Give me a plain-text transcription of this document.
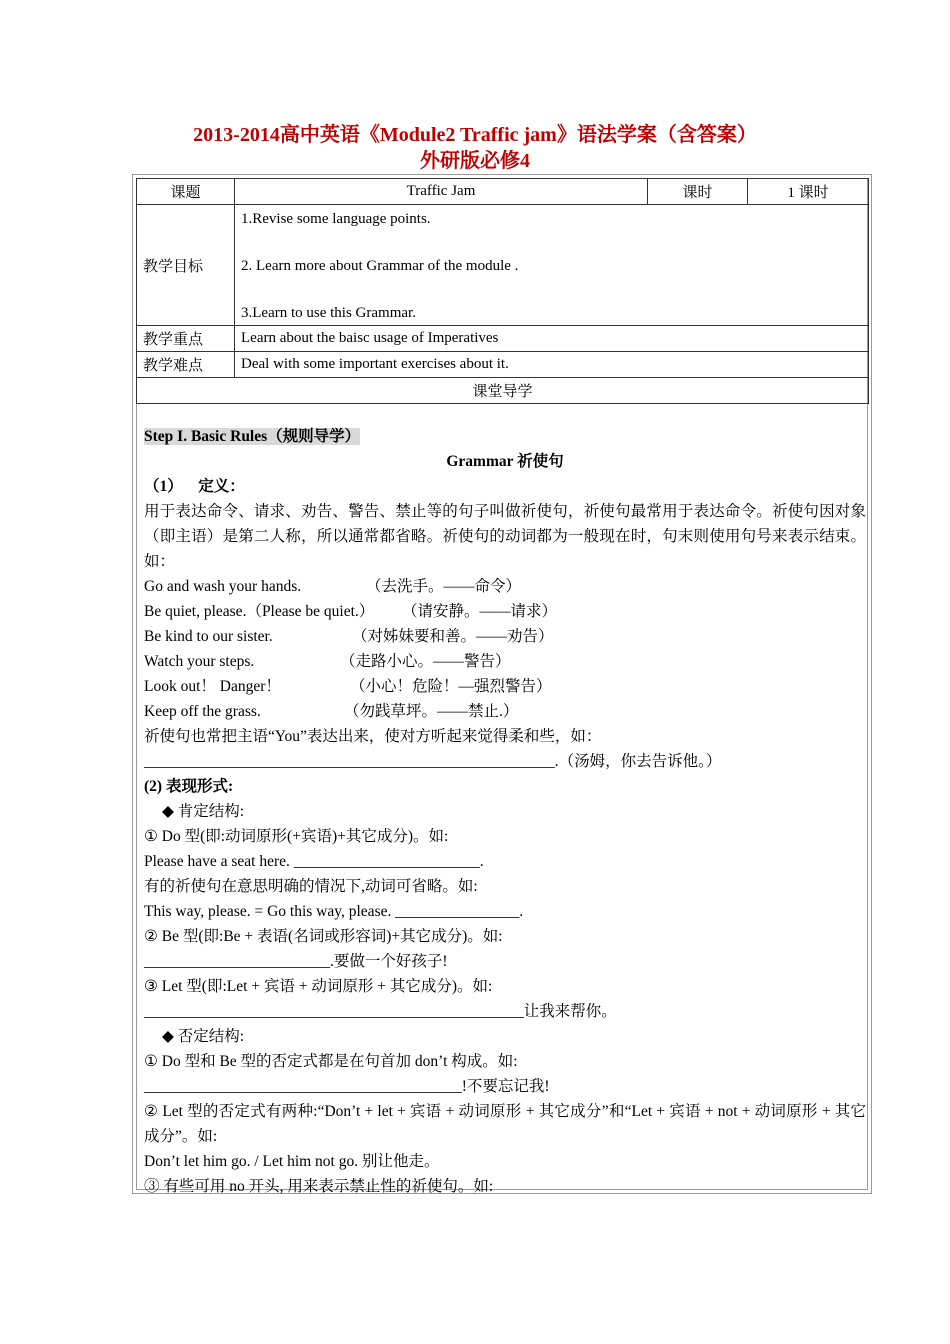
2013-2014高中英语《Module2 Traffic jam》语法学案（含答案）
外研版必修4
课题	Traffic Jam	课时	1 课时
教学目标	1.Revise some language points.
2. Learn more about Grammar of the module .
3.Learn to use this Grammar.		

教学重点	Learn about the baisc usage of Imperatives		
教学难点	Deal with some important exercises about it.		
课堂导学			

Step I. Basic Rules（规则导学）

Grammar 祈使句

（1） 定义：

用于表达命令、请求、劝告、警告、禁止等的句子叫做祈使句，祈使句最常用于表达命令。祈使句因对象（即主语）是第二人称，所以通常都省略。祈使句的动词都为一般现在时，句末则使用句号来表示结束。如：

Go and wash your hands.	（去洗手。——命令）

Be quiet, please.（Please be quiet.） （请安静。——请求）

Be kind to our sister.	（对姊妹要和善。——劝告）

Watch your steps.	（走路小心。——警告）

Look out！ Danger！	（小心！危险！—强烈警告）

Keep off the grass.	（勿践草坪。——禁止.）

祈使句也常把主语“You”表达出来，使对方听起来觉得柔和些，如：

_____________________________________________________.（汤姆，你去告诉他。）

(2) 表现形式:

◆ 肯定结构:

① Do 型(即:动词原形(+宾语)+其它成分)。如:

Please have a seat here. ________________________.

有的祈使句在意思明确的情况下,动词可省略。如:

This way, please. = Go this way, please. ________________.

② Be 型(即:Be + 表语(名词或形容词)+其它成分)。如:

________________________.要做一个好孩子!

③ Let 型(即:Let + 宾语 + 动词原形 + 其它成分)。如:

_________________________________________________让我来帮你。

◆ 否定结构:

① Do 型和 Be 型的否定式都是在句首加 don’t 构成。如:

_________________________________________!不要忘记我!

② Let 型的否定式有两种:“Don’t + let + 宾语 + 动词原形 + 其它成分”和“Let + 宾语 + not + 动词原形 + 其它成分”。如:

Don’t let him go. / Let him not go. 别让他走。

③ 有些可用 no 开头, 用来表示禁止性的祈使句。如:
